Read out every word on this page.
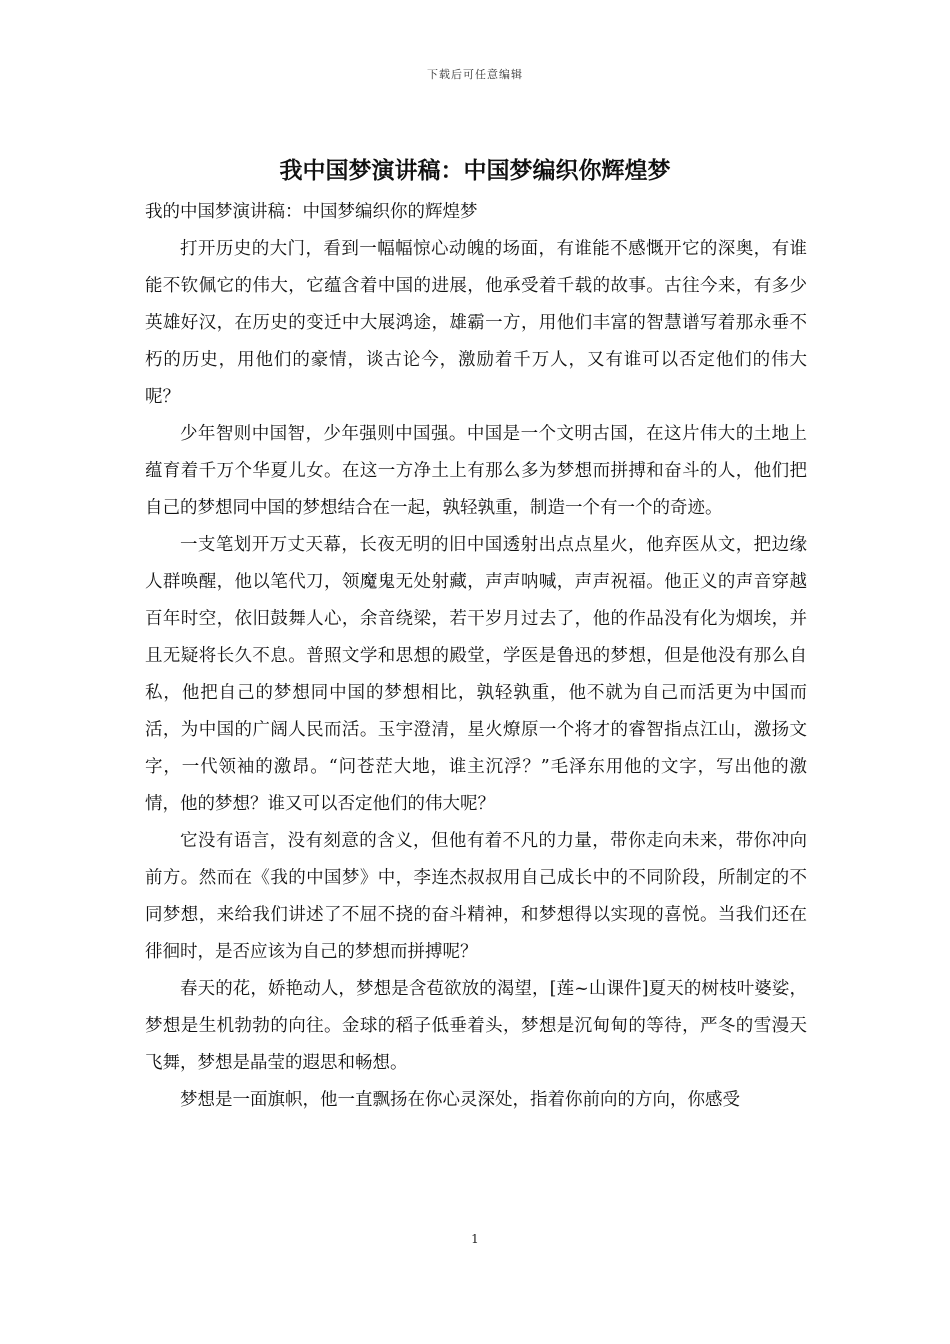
下载后可任意编辑
我中国梦演讲稿：中国梦编织你辉煌梦

我的中国梦演讲稿：中国梦编织你的辉煌梦

打开历史的大门，看到一幅幅惊心动魄的场面，有谁能不感慨开它的深奥，有谁能不钦佩它的伟大，它蕴含着中国的进展，他承受着千载的故事。古往今来，有多少英雄好汉，在历史的变迁中大展鸿途，雄霸一方，用他们丰富的智慧谱写着那永垂不朽的历史，用他们的豪情，谈古论今，激励着千万人，又有谁可以否定他们的伟大呢？

少年智则中国智，少年强则中国强。中国是一个文明古国，在这片伟大的土地上蕴育着千万个华夏儿女。在这一方净土上有那么多为梦想而拼搏和奋斗的人，他们把自己的梦想同中国的梦想结合在一起，孰轻孰重，制造一个有一个的奇迹。

一支笔划开万丈天幕，长夜无明的旧中国透射出点点星火，他弃医从文，把边缘人群唤醒，他以笔代刀，领魔鬼无处射藏，声声呐喊，声声祝福。他正义的声音穿越百年时空，依旧鼓舞人心，余音绕梁，若干岁月过去了，他的作品没有化为烟埃，并且无疑将长久不息。普照文学和思想的殿堂，学医是鲁迅的梦想，但是他没有那么自私，他把自己的梦想同中国的梦想相比，孰轻孰重，他不就为自己而活更为中国而活，为中国的广阔人民而活。玉宇澄清，星火燎原一个将才的睿智指点江山，激扬文字，一代领袖的激昂。“问苍茫大地，谁主沉浮？”毛泽东用他的文字，写出他的激情，他的梦想？谁又可以否定他们的伟大呢？

它没有语言，没有刻意的含义，但他有着不凡的力量，带你走向未来，带你冲向前方。然而在《我的中国梦》中，李连杰叔叔用自己成长中的不同阶段，所制定的不同梦想，来给我们讲述了不屈不挠的奋斗精神，和梦想得以实现的喜悦。当我们还在徘徊时，是否应该为自己的梦想而拼搏呢？

春天的花，娇艳动人，梦想是含苞欲放的渴望，[莲~山课件]夏天的树枝叶婆娑，梦想是生机勃勃的向往。金球的稻子低垂着头，梦想是沉甸甸的等待，严冬的雪漫天飞舞，梦想是晶莹的遐思和畅想。

梦想是一面旗帜，他一直飘扬在你心灵深处，指着你前向的方向，你感受

1
